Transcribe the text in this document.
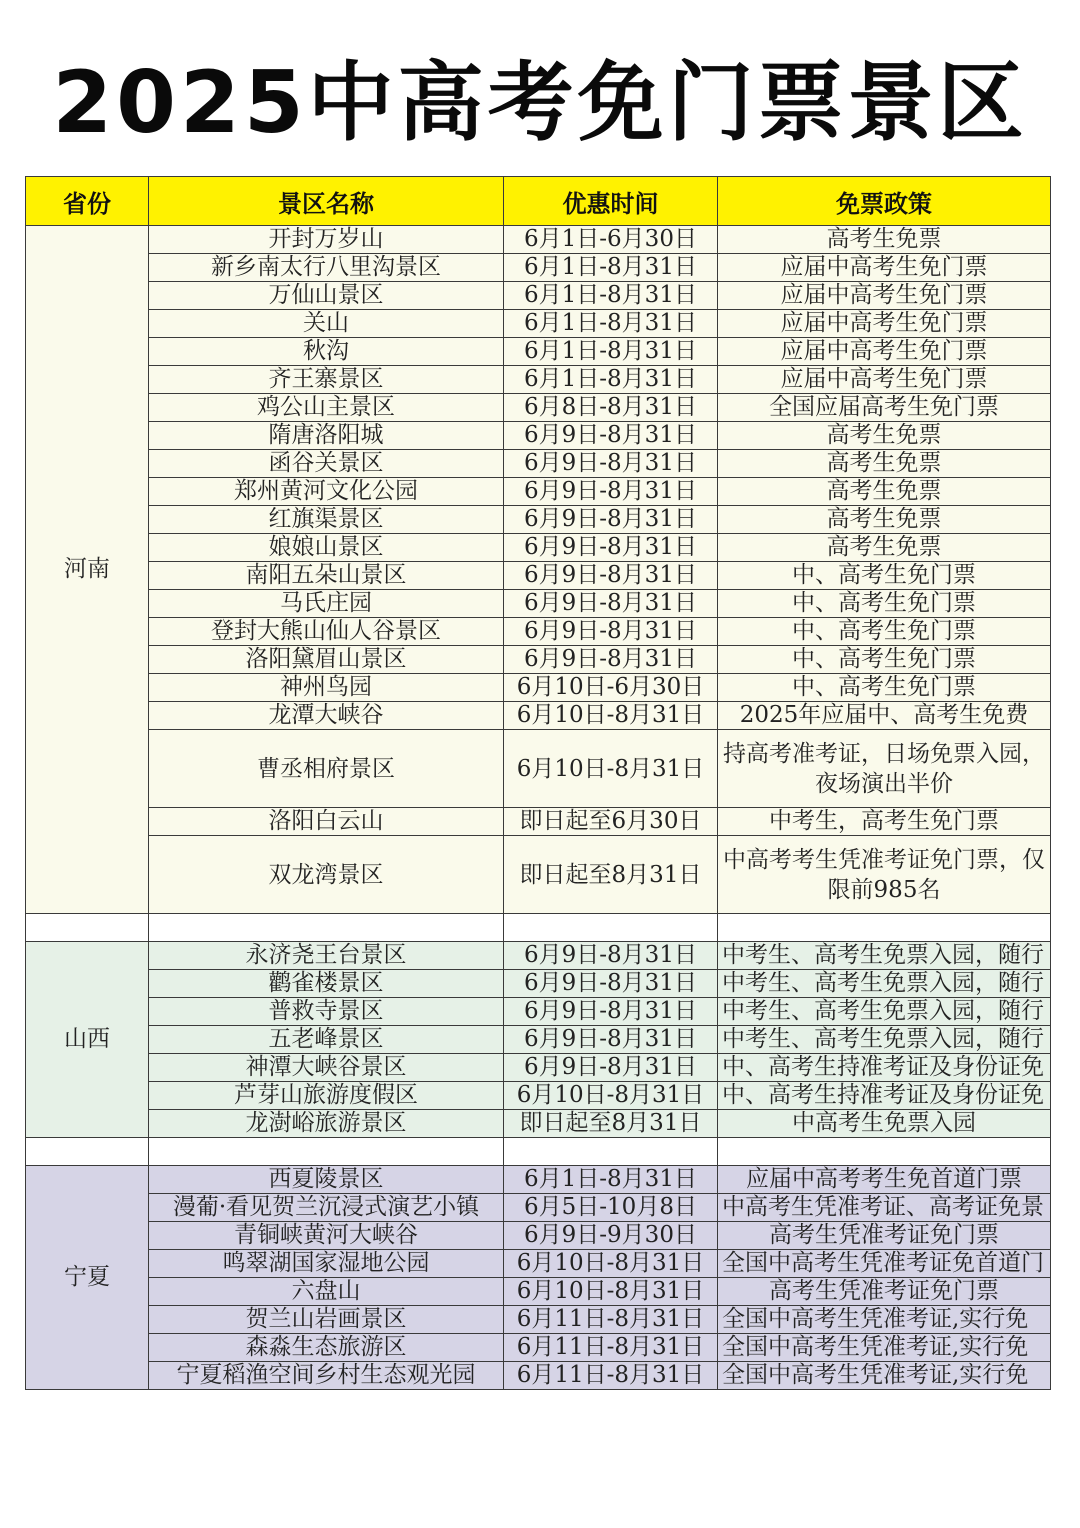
2025中高考免门票景区
省份	景区名称	优惠时间	免票政策
河南	开封万岁山	6月1日-6月30日	高考生免票
	新乡南太行八里沟景区	6月1日-8月31日	应届中高考生免门票
	万仙山景区	6月1日-8月31日	应届中高考生免门票
	关山	6月1日-8月31日	应届中高考生免门票
	秋沟	6月1日-8月31日	应届中高考生免门票
	齐王寨景区	6月1日-8月31日	应届中高考生免门票
	鸡公山主景区	6月8日-8月31日	全国应届高考生免门票
	隋唐洛阳城	6月9日-8月31日	高考生免票
	函谷关景区	6月9日-8月31日	高考生免票
	郑州黄河文化公园	6月9日-8月31日	高考生免票
	红旗渠景区	6月9日-8月31日	高考生免票
	娘娘山景区	6月9日-8月31日	高考生免票
	南阳五朵山景区	6月9日-8月31日	中、高考生免门票
	马氏庄园	6月9日-8月31日	中、高考生免门票
	登封大熊山仙人谷景区	6月9日-8月31日	中、高考生免门票
	洛阳黛眉山景区	6月9日-8月31日	中、高考生免门票
	神州鸟园	6月10日-6月30日	中、高考生免门票
	龙潭大峡谷	6月10日-8月31日	2025年应届中、高考生免费
	曹丞相府景区	6月10日-8月31日	持高考准考证，日场免票入园，夜场演出半价
	洛阳白云山	即日起至6月30日	中考生，高考生免门票
	双龙湾景区	即日起至8月31日	中高考考生凭准考证免门票，仅限前985名

山西	永济尧王台景区	6月9日-8月31日	中考生、高考生免票入园，随行
	鹳雀楼景区	6月9日-8月31日	中考生、高考生免票入园，随行
	普救寺景区	6月9日-8月31日	中考生、高考生免票入园，随行
	五老峰景区	6月9日-8月31日	中考生、高考生免票入园，随行
	神潭大峡谷景区	6月9日-8月31日	中、高考生持准考证及身份证免
	芦芽山旅游度假区	6月10日-8月31日	中、高考生持准考证及身份证免
	龙澍峪旅游景区	即日起至8月31日	中高考生免票入园

宁夏	西夏陵景区	6月1日-8月31日	应届中高考考生免首道门票
	漫葡·看见贺兰沉浸式演艺小镇	6月5日-10月8日	中高考生凭准考证、高考证免景
	青铜峡黄河大峡谷	6月9日-9月30日	高考生凭准考证免门票
	鸣翠湖国家湿地公园	6月10日-8月31日	全国中高考生凭准考证免首道门
	六盘山	6月10日-8月31日	高考生凭准考证免门票
	贺兰山岩画景区	6月11日-8月31日	全国中高考生凭准考证,实行免
	森淼生态旅游区	6月11日-8月31日	全国中高考生凭准考证,实行免
	宁夏稻渔空间乡村生态观光园	6月11日-8月31日	全国中高考生凭准考证,实行免
